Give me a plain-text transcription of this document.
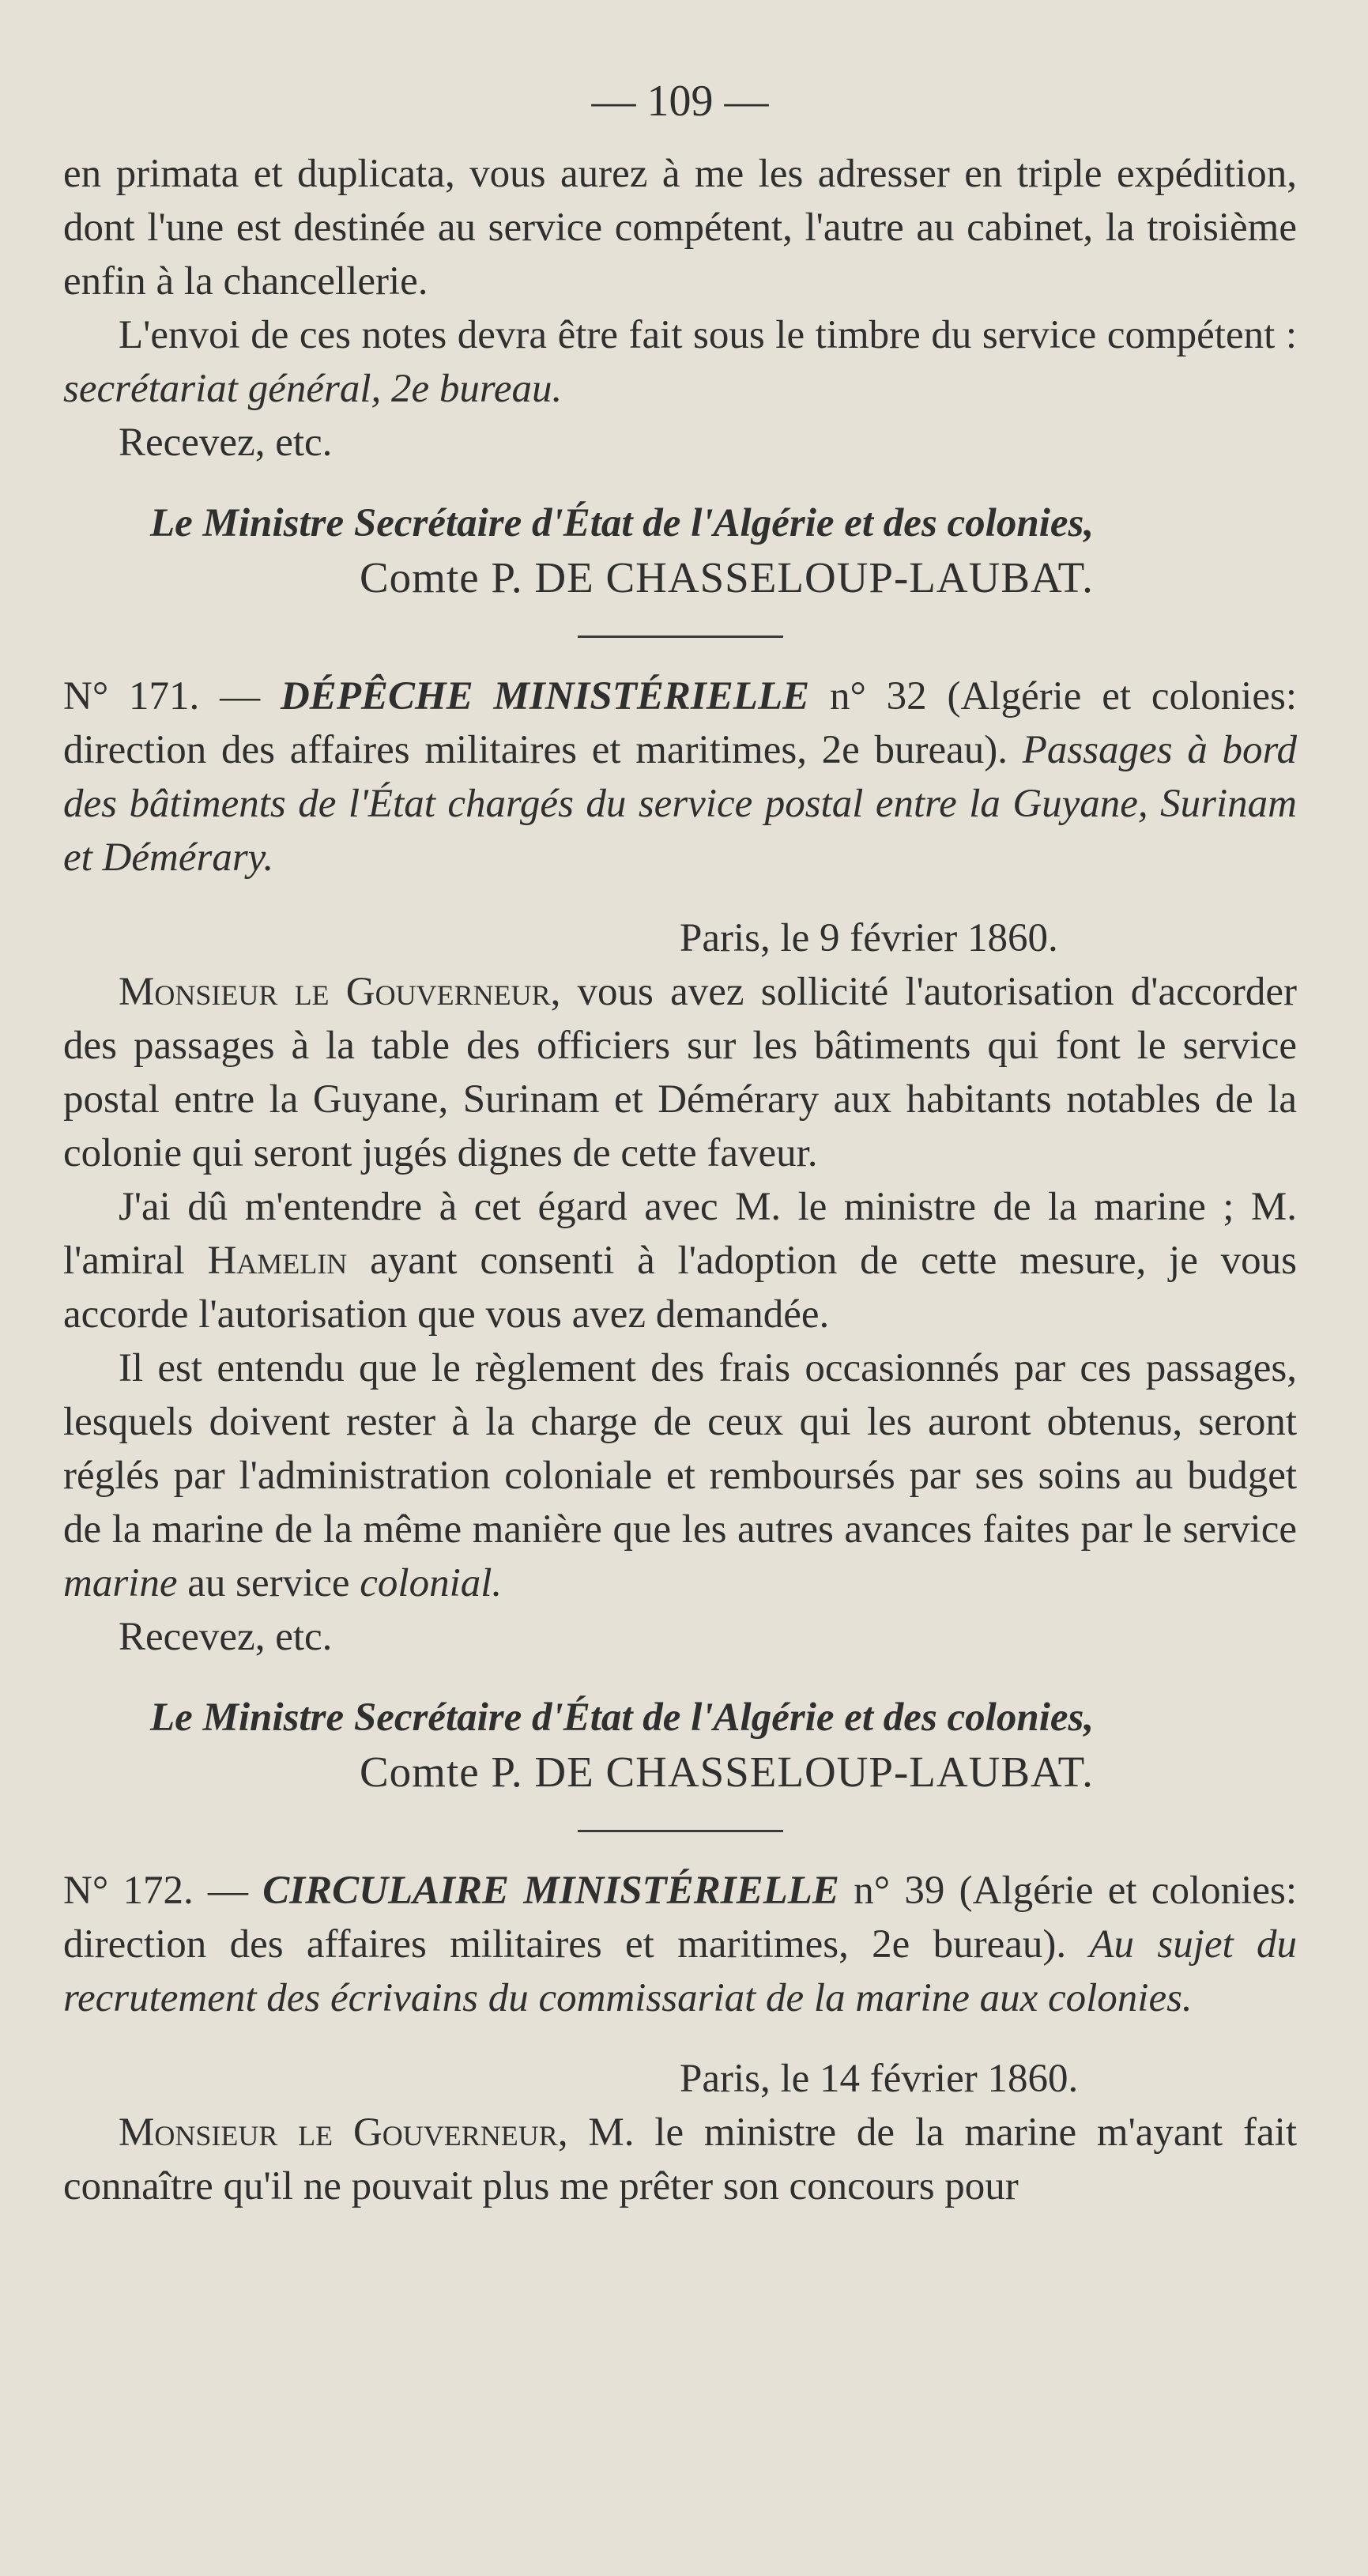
— 109 —

en primata et duplicata, vous aurez à me les adresser en triple expédition, dont l'une est destinée au service compétent, l'autre au cabinet, la troisième enfin à la chancellerie.

L'envoi de ces notes devra être fait sous le timbre du service compétent : secrétariat général, 2e bureau.

Recevez, etc.

Le Ministre Secrétaire d'État de l'Algérie et des colonies,
Comte P. DE CHASSELOUP-LAUBAT.

N° 171. — DÉPÊCHE MINISTÉRIELLE n° 32 (Algérie et colonies: direction des affaires militaires et maritimes, 2e bureau). Passages à bord des bâtiments de l'État chargés du service postal entre la Guyane, Surinam et Démérary.

Paris, le 9 février 1860.

Monsieur le Gouverneur, vous avez sollicité l'autorisation d'accorder des passages à la table des officiers sur les bâtiments qui font le service postal entre la Guyane, Surinam et Démérary aux habitants notables de la colonie qui seront jugés dignes de cette faveur.

J'ai dû m'entendre à cet égard avec M. le ministre de la marine ; M. l'amiral Hamelin ayant consenti à l'adoption de cette mesure, je vous accorde l'autorisation que vous avez demandée.

Il est entendu que le règlement des frais occasionnés par ces passages, lesquels doivent rester à la charge de ceux qui les auront obtenus, seront réglés par l'administration coloniale et remboursés par ses soins au budget de la marine de la même manière que les autres avances faites par le service marine au service colonial.

Recevez, etc.

Le Ministre Secrétaire d'État de l'Algérie et des colonies,
Comte P. DE CHASSELOUP-LAUBAT.

N° 172. — CIRCULAIRE MINISTÉRIELLE n° 39 (Algérie et colonies: direction des affaires militaires et maritimes, 2e bureau). Au sujet du recrutement des écrivains du commissariat de la marine aux colonies.

Paris, le 14 février 1860.

Monsieur le Gouverneur, M. le ministre de la marine m'ayant fait connaître qu'il ne pouvait plus me prêter son concours pour
